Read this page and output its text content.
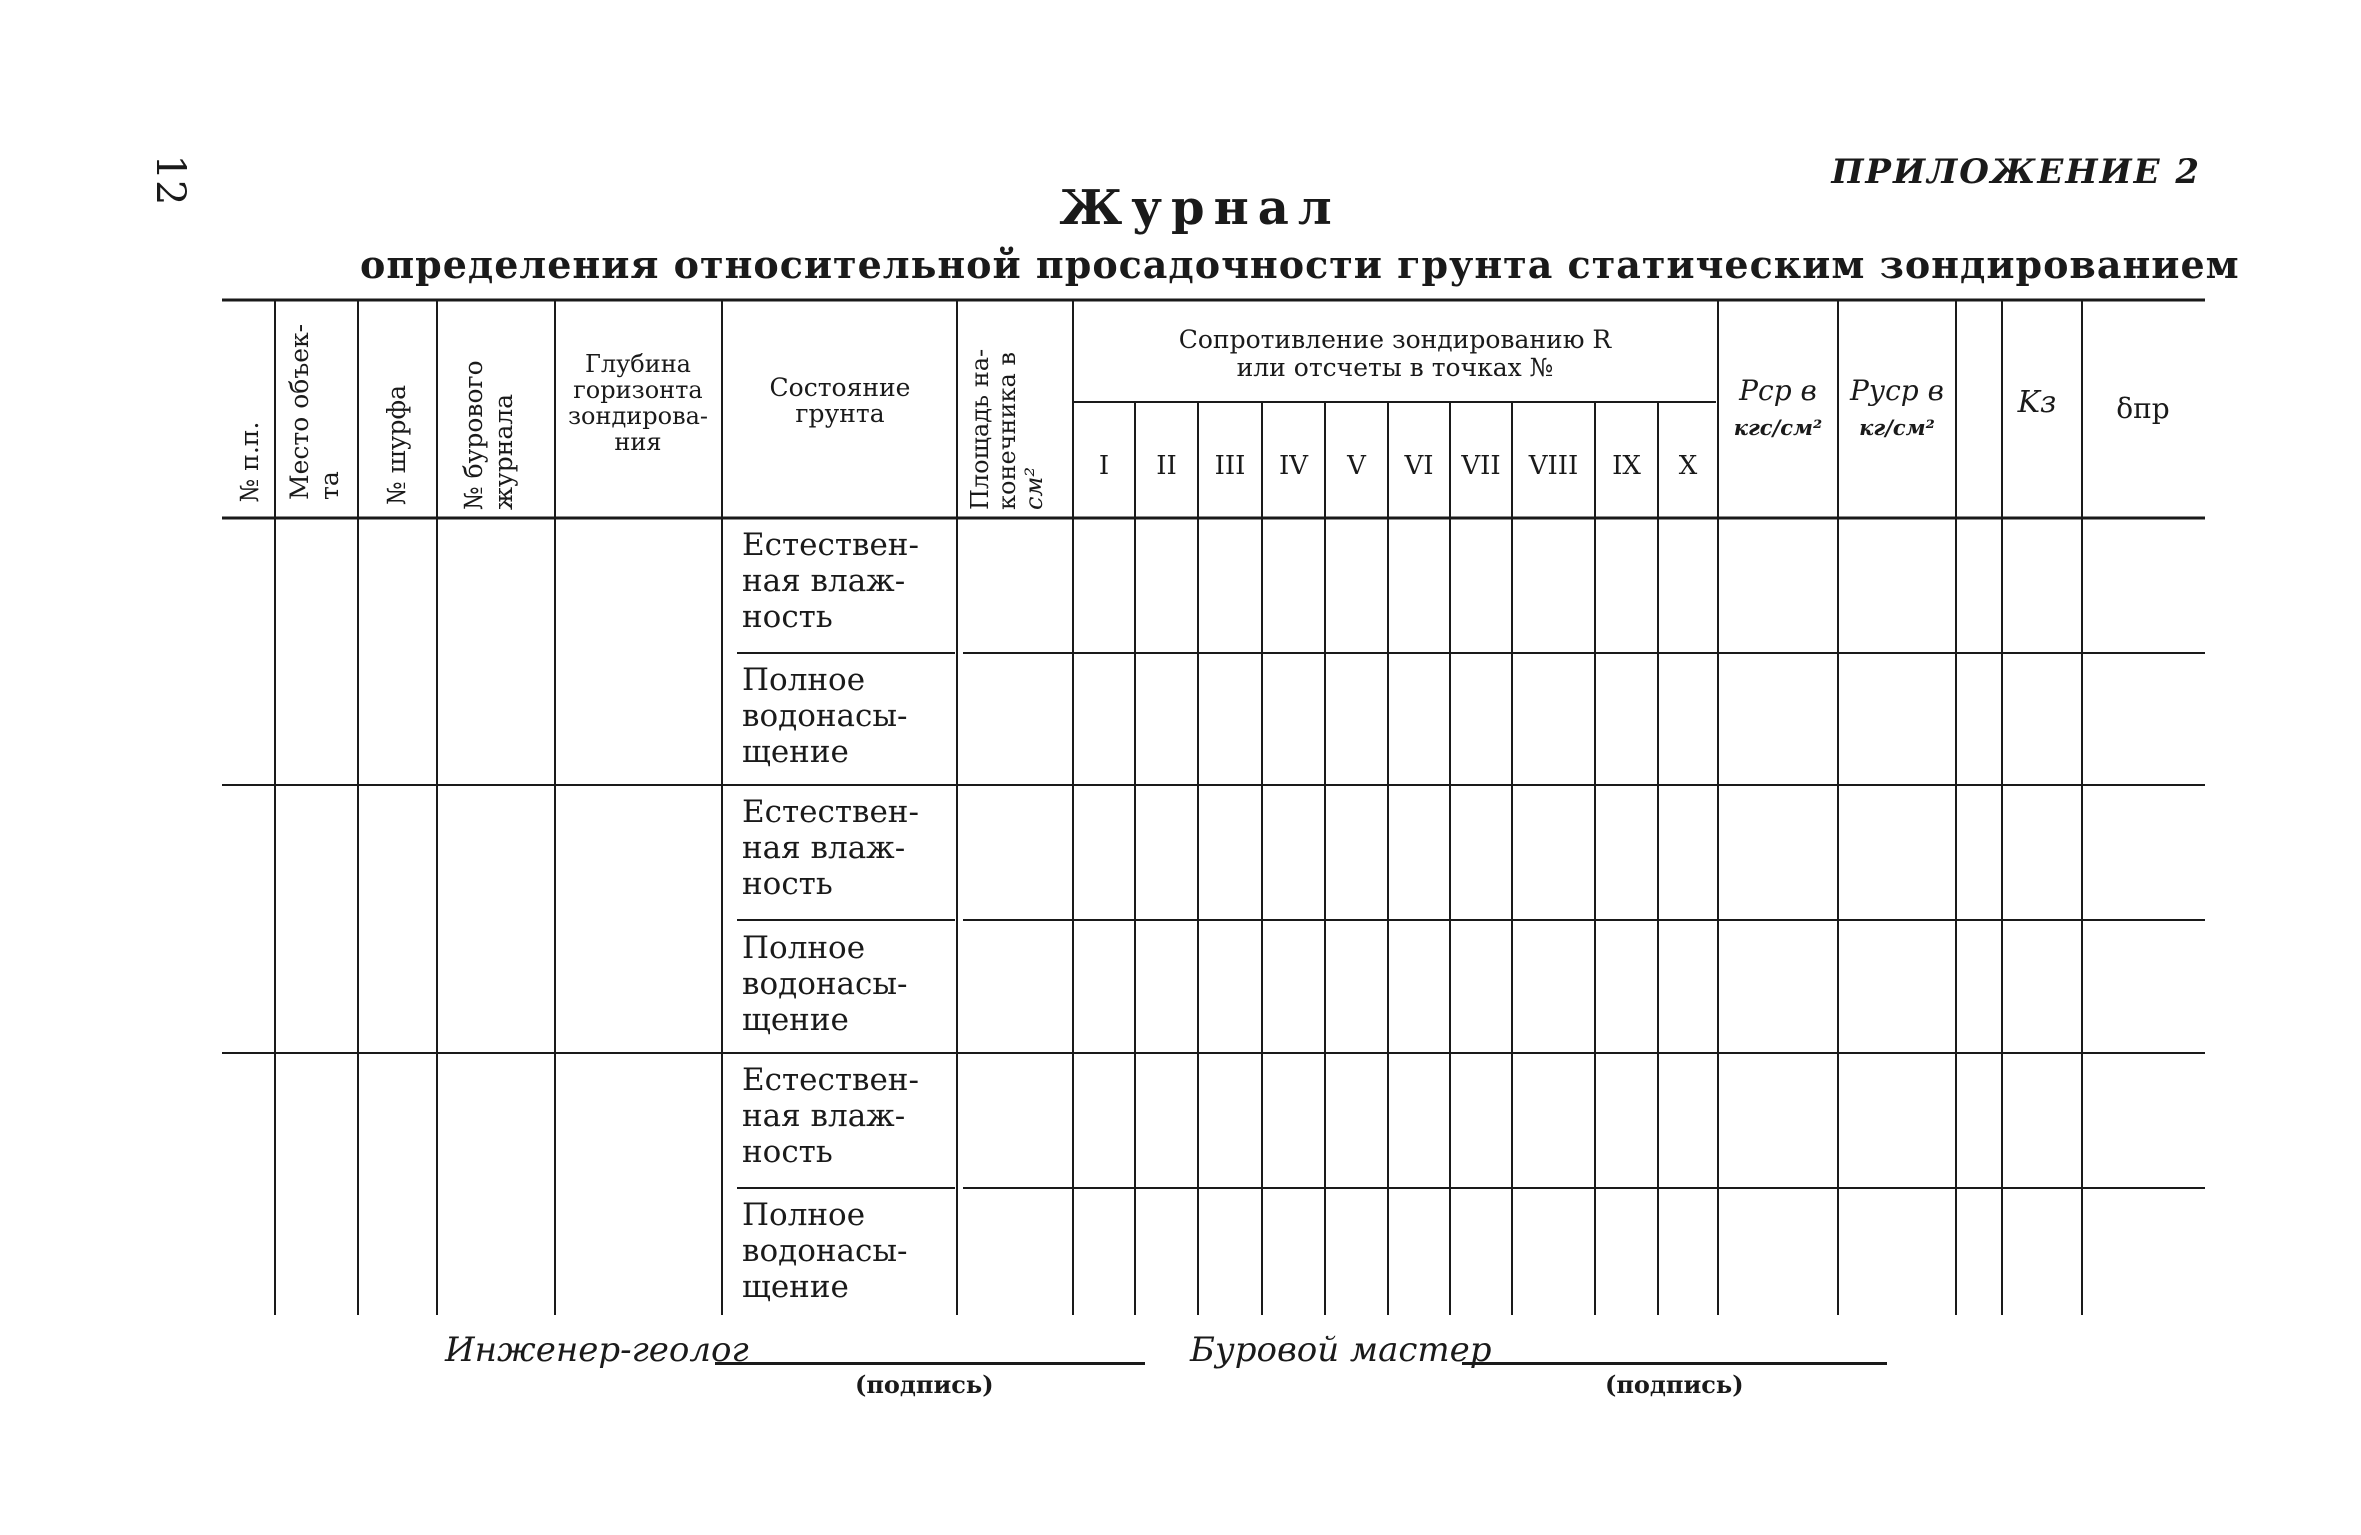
12	ПРИЛОЖЕНИЕ 2
Журнал
определения относительной просадочности грунта статическим зондированием
№ п.п. Место объек- та № шурфа № бурового журнала
Глубина
горизонта
зондирова-
ния
Состояние
грунта	Площадь на- конечника в см²
Сопротивление зондированию R
или отсчеты в точках №
I II III IV V VI VII VIII IX X
Pср в
кгс/см²
Pуср в
кг/см²
Kз δпр
Естествен-
ная влаж-
ность
Полное
водонасы-
щение
Естествен-
ная влаж-
ность
Полное
водонасы-
щение
Естествен-
ная влаж-
ность
Полное
водонасы-
щение
Инженер-геолог
(подпись)
Буровой мастер
(подпись)
